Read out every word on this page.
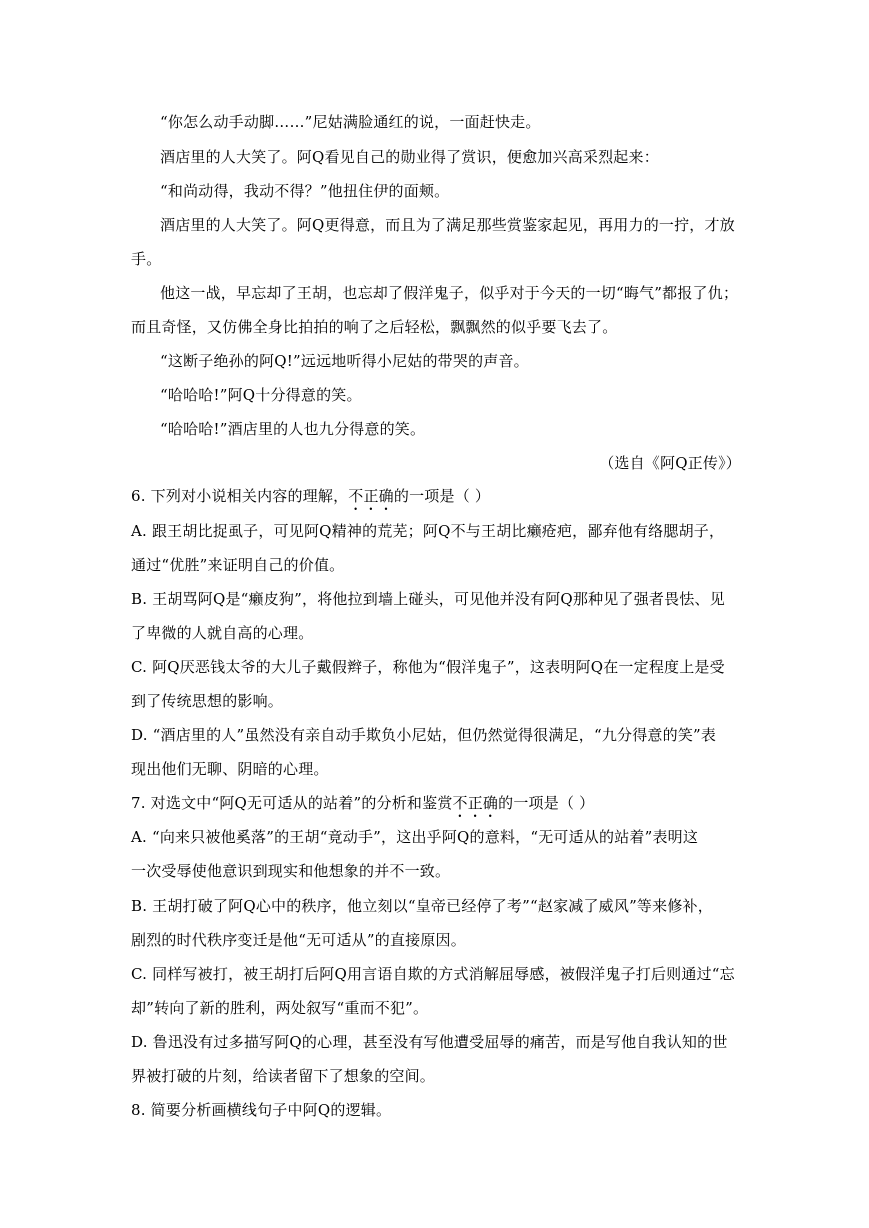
“你怎么动手动脚……”尼姑满脸通红的说，一面赶快走。
酒店里的人大笑了。阿Q看见自己的勋业得了赏识，便愈加兴高采烈起来：
“和尚动得，我动不得？”他扭住伊的面颊。
酒店里的人大笑了。阿Q更得意，而且为了满足那些赏鉴家起见，再用力的一拧，才放
手。
他这一战，早忘却了王胡，也忘却了假洋鬼子，似乎对于今天的一切“晦气”都报了仇；
而且奇怪，又仿佛全身比拍拍的响了之后轻松，飘飘然的似乎要飞去了。
“这断子绝孙的阿Q!”远远地听得小尼姑的带哭的声音。
“哈哈哈!”阿Q十分得意的笑。
“哈哈哈!”酒店里的人也九分得意的笑。
（选自《阿Q正传》）
6. 下列对小说相关内容的理解，不正确的一项是（ ）
A. 跟王胡比捉虱子，可见阿Q精神的荒芜；阿Q不与王胡比癞疮疤，鄙弃他有络腮胡子，
通过“优胜”来证明自己的价值。
B. 王胡骂阿Q是“癞皮狗”，将他拉到墙上碰头，可见他并没有阿Q那种见了强者畏怯、见
了卑微的人就自高的心理。
C. 阿Q厌恶钱太爷的大儿子戴假辫子，称他为“假洋鬼子”，这表明阿Q在一定程度上是受
到了传统思想的影响。
D. “酒店里的人”虽然没有亲自动手欺负小尼姑，但仍然觉得很满足，“九分得意的笑”表
现出他们无聊、阴暗的心理。
7. 对选文中“阿Q无可适从的站着”的分析和鉴赏不正确的一项是（ ）
A. “向来只被他奚落”的王胡“竟动手”，这出乎阿Q的意料，“无可适从的站着”表明这
一次受辱使他意识到现实和他想象的并不一致。
B. 王胡打破了阿Q心中的秩序，他立刻以“皇帝已经停了考”“赵家减了威风”等来修补，
剧烈的时代秩序变迁是他“无可适从”的直接原因。
C. 同样写被打，被王胡打后阿Q用言语自欺的方式消解屈辱感，被假洋鬼子打后则通过“忘
却”转向了新的胜利，两处叙写“重而不犯”。
D. 鲁迅没有过多描写阿Q的心理，甚至没有写他遭受屈辱的痛苦，而是写他自我认知的世
界被打破的片刻，给读者留下了想象的空间。
8. 简要分析画横线句子中阿Q的逻辑。
